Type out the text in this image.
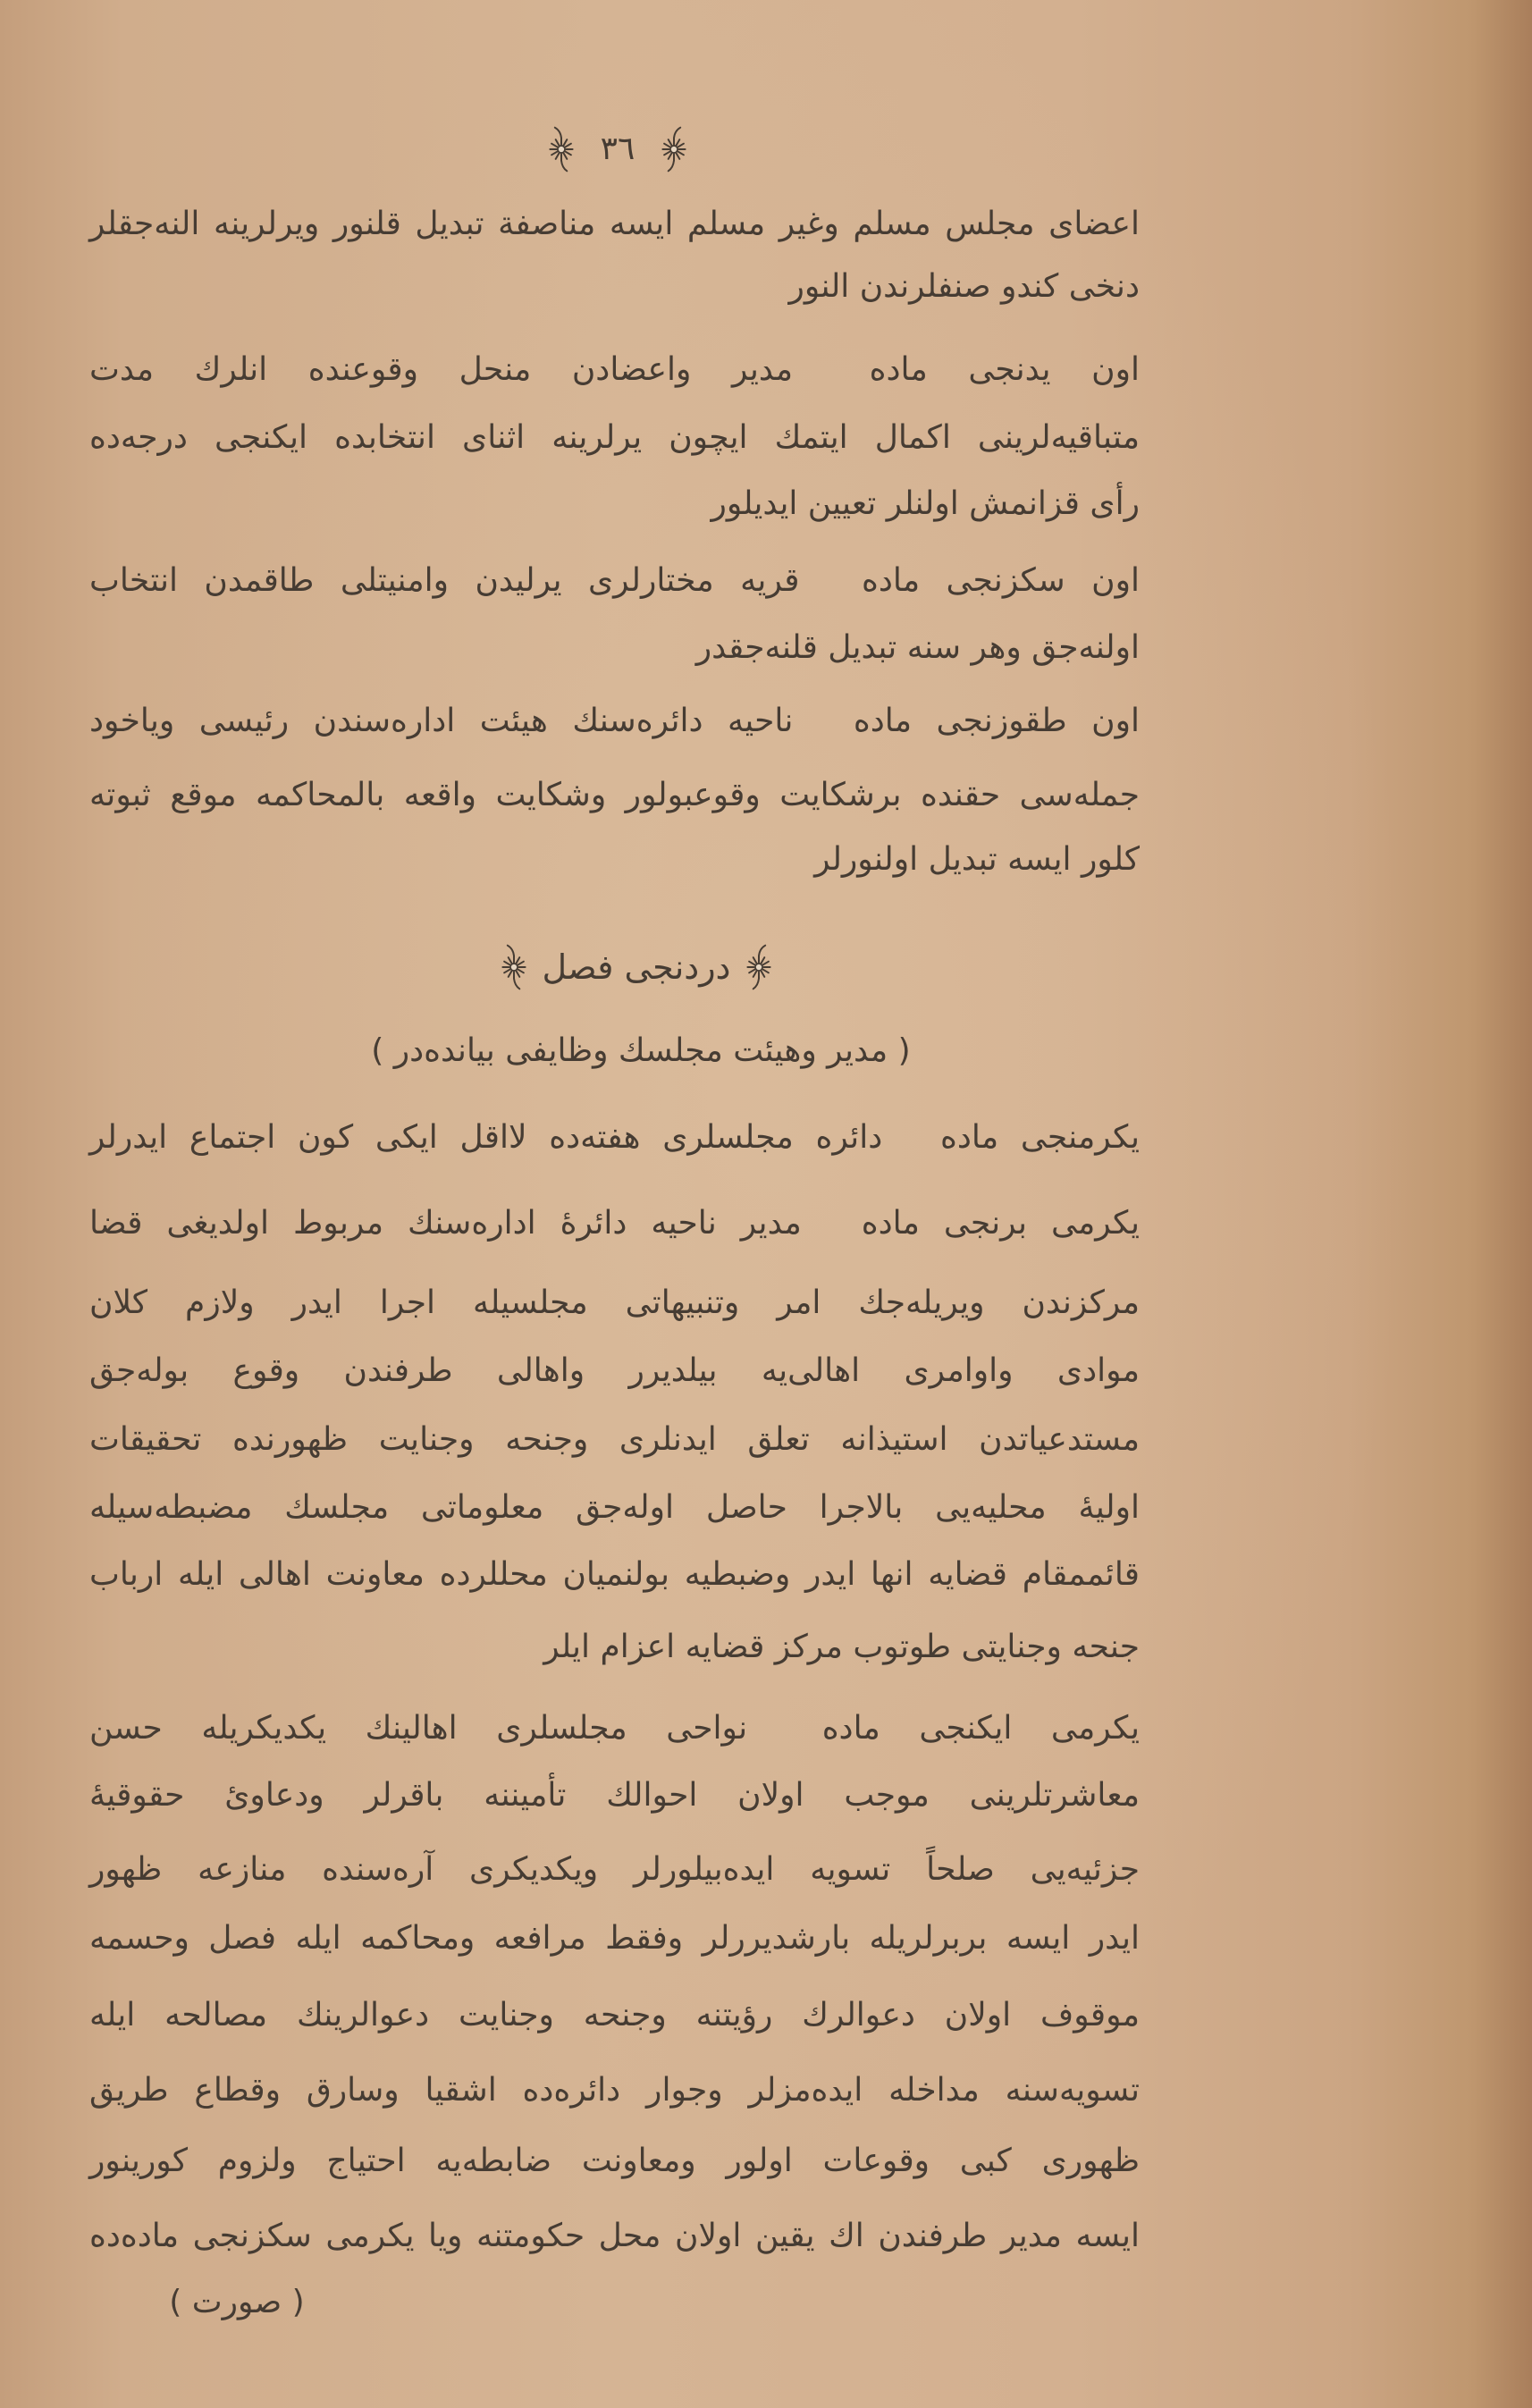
٣٦
اعضای مجلس مسلم وغیر مسلم ایسه مناصفة تبدیل قلنور ویرلرینه النه‌جقلر
دنخی کندو صنفلرندن النور
اون یدنجی ماده مدیر واعضادن منحل وقوعنده انلرك مدت
متباقیه‌لرینی اکمال ایتمك ایچون یرلرینه اثنای انتخابده ایکنجی درجه‌ده
رأی قزانمش اولنلر تعیین ایدیلور
اون سکزنجی ماده قریه مختارلری یرلیدن وامنیتلی طاقمدن انتخاب
اولنه‌جق وهر سنه تبدیل قلنه‌جقدر
اون طقوزنجی ماده ناحیه دائره‌سنك هیئت اداره‌سندن رئیسی ویاخود
جمله‌سی حقنده برشکایت وقوعبولور وشکایت واقعه بالمحاکمه موقع ثبوته
کلور ایسه تبدیل اولنورلر
یکرمنجی ماده دائره مجلسلری هفته‌ده لااقل ایکی کون اجتماع ایدرلر
یکرمی برنجی ماده مدیر ناحیه دائرهٔ اداره‌سنك مربوط اولدیغی قضا
مرکزندن ویریله‌جك امر وتنبیهاتی مجلسیله اجرا ایدر ولازم کلان
موادی واوامری اهالی‌یه بیلدیرر واهالی طرفندن وقوع بوله‌جق
مستدعیاتدن استیذانه تعلق ایدنلری وجنحه وجنایت ظهورنده تحقیقات
اولیهٔ محلیه‌یی بالاجرا حاصل اوله‌جق معلوماتی مجلسك مضبطه‌سیله
قائممقام قضایه انها ایدر وضبطیه بولنمیان محللرده معاونت اهالی ایله ارباب
جنحه وجنایتی طوتوب مرکز قضایه اعزام ایلر
یکرمی ایکنجی ماده نواحی مجلسلری اهالینك یکدیکریله حسن
معاشرتلرینی موجب اولان احوالك تأمیننه باقرلر ودعاوئ حقوقیهٔ
جزئیه‌یی صلحاً تسویه ایده‌بیلورلر ویکدیکری آره‌سنده منازعه ظهور
ایدر ایسه بربرلریله بارشدیررلر وفقط مرافعه ومحاکمه ایله فصل وحسمه
موقوف اولان دعوالرك رؤیتنه وجنحه وجنایت دعوالرینك مصالحه ایله
تسویه‌سنه مداخله ایده‌مزلر وجوار دائره‌ده اشقیا وسارق وقطاع طریق
ظهوری کبی وقوعات اولور ومعاونت ضابطه‌یه احتیاج ولزوم کورینور
ایسه مدیر طرفندن اك یقین اولان محل حکومتنه ویا یکرمی سکزنجی ماده‌ده
دردنجی فصل
( مدیر وهیئت مجلسك وظایفی بیانده‌در )
( صورت )
